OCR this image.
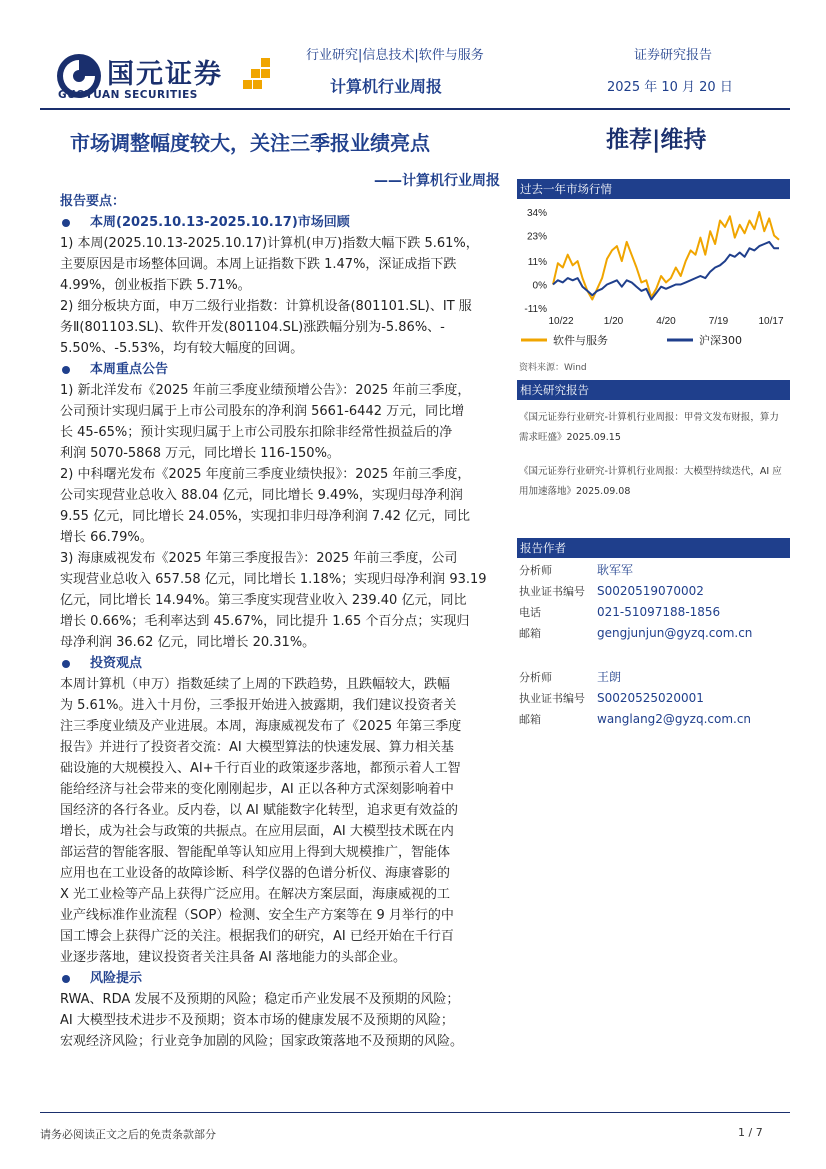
国元证券
GUOYUAN SECURITIES
行业研究|信息技术|软件与服务	证券研究报告
计算机行业周报	2025 年 10 月 20 日
市场调整幅度较大，关注三季报业绩亮点
——计算机行业周报
推荐|维持
报告要点：
本周(2025.10.13-2025.10.17)市场回顾
1) 本周(2025.10.13-2025.10.17)计算机(申万)指数大幅下跌 5.61%，
主要原因是市场整体回调。本周上证指数下跌 1.47%，深证成指下跌
4.99%，创业板指下跌 5.71%。
2) 细分板块方面，申万二级行业指数：计算机设备(801101.SL)、IT 服
务Ⅱ(801103.SL)、软件开发(801104.SL)涨跌幅分别为-5.86%、-
5.50%、-5.53%，均有较大幅度的回调。
本周重点公告
1) 新北洋发布《2025 年前三季度业绩预增公告》：2025 年前三季度，
公司预计实现归属于上市公司股东的净利润 5661-6442 万元，同比增
长 45-65%；预计实现归属于上市公司股东扣除非经常性损益后的净
利润 5070-5868 万元，同比增长 116-150%。
2) 中科曙光发布《2025 年度前三季度业绩快报》：2025 年前三季度，
公司实现营业总收入 88.04 亿元，同比增长 9.49%，实现归母净利润
9.55 亿元，同比增长 24.05%，实现扣非归母净利润 7.42 亿元，同比
增长 66.79%。
3) 海康威视发布《2025 年第三季度报告》：2025 年前三季度，公司
实现营业总收入 657.58 亿元，同比增长 1.18%；实现归母净利润 93.19
亿元，同比增长 14.94%。第三季度实现营业收入 239.40 亿元，同比
增长 0.66%；毛利率达到 45.67%，同比提升 1.65 个百分点；实现归
母净利润 36.62 亿元，同比增长 20.31%。
投资观点
本周计算机（申万）指数延续了上周的下跌趋势，且跌幅较大，跌幅
为 5.61%。进入十月份，三季报开始进入披露期，我们建议投资者关
注三季度业绩及产业进展。本周，海康威视发布了《2025 年第三季度
报告》并进行了投资者交流：AI 大模型算法的快速发展、算力相关基
础设施的大规模投入、AI+千行百业的政策逐步落地，都预示着人工智
能给经济与社会带来的变化刚刚起步，AI 正以各种方式深刻影响着中
国经济的各行各业。反内卷，以 AI 赋能数字化转型，追求更有效益的
增长，成为社会与政策的共振点。在应用层面，AI 大模型技术既在内
部运营的智能客服、智能配单等认知应用上得到大规模推广，智能体
应用也在工业设备的故障诊断、科学仪器的色谱分析仪、海康睿影的
X 光工业检等产品上获得广泛应用。在解决方案层面，海康威视的工
业产线标准作业流程（SOP）检测、安全生产方案等在 9 月举行的中
国工博会上获得广泛的关注。根据我们的研究，AI 已经开始在千行百
业逐步落地，建议投资者关注具备 AI 落地能力的头部企业。
风险提示
RWA、RDA 发展不及预期的风险；稳定币产业发展不及预期的风险；
AI 大模型技术进步不及预期；资本市场的健康发展不及预期的风险；
宏观经济风险；行业竞争加剧的风险；国家政策落地不及预期的风险。
过去一年市场行情
34%
23%
11%
0%
-11%
10/22	1/20	4/20	7/19	10/17
软件与服务	沪深300
资料来源：Wind
相关研究报告
《国元证券行业研究-计算机行业周报：甲骨文发布财报，算力
需求旺盛》2025.09.15
《国元证券行业研究-计算机行业周报：大模型持续迭代，AI 应
用加速落地》2025.09.08
报告作者
分析师	耿军军
执业证书编号	S0020519070002
电话	021-51097188-1856
邮箱	gengjunjun@gyzq.com.cn
分析师	王朗
执业证书编号	S0020525020001
邮箱	wanglang2@gyzq.com.cn
请务必阅读正文之后的免责条款部分	1 / 7
